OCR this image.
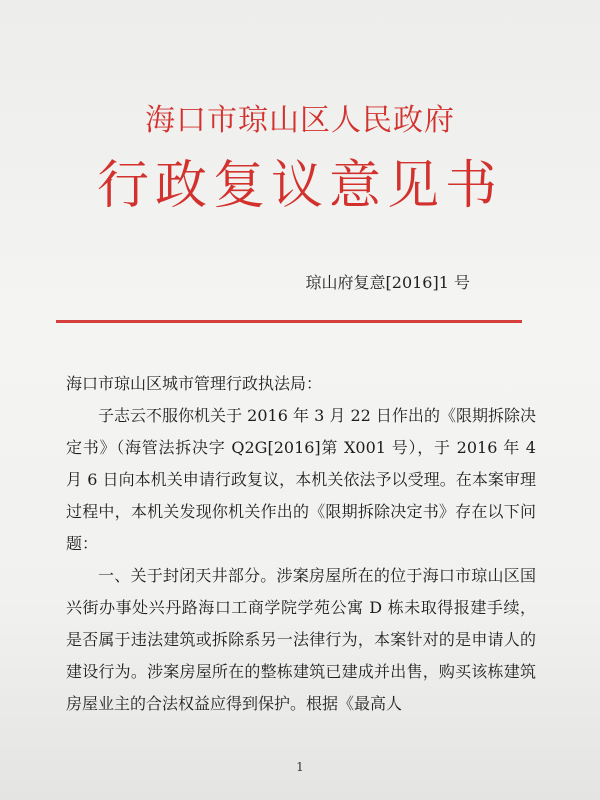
海口市琼山区人民政府
行政复议意见书
琼山府复意[2016]1 号

海口市琼山区城市管理行政执法局：

子志云不服你机关于 2016 年 3 月 22 日作出的《限期拆除决定书》（海管法拆决字 Q2G[2016]第 X001 号），于 2016 年 4 月 6 日向本机关申请行政复议，本机关依法予以受理。在本案审理过程中，本机关发现你机关作出的《限期拆除决定书》存在以下问题：

一、关于封闭天井部分。涉案房屋所在的位于海口市琼山区国兴街办事处兴丹路海口工商学院学苑公寓 D 栋未取得报建手续，是否属于违法建筑或拆除系另一法律行为，本案针对的是申请人的建设行为。涉案房屋所在的整栋建筑已建成并出售，购买该栋建筑房屋业主的合法权益应得到保护。根据《最高人

1
